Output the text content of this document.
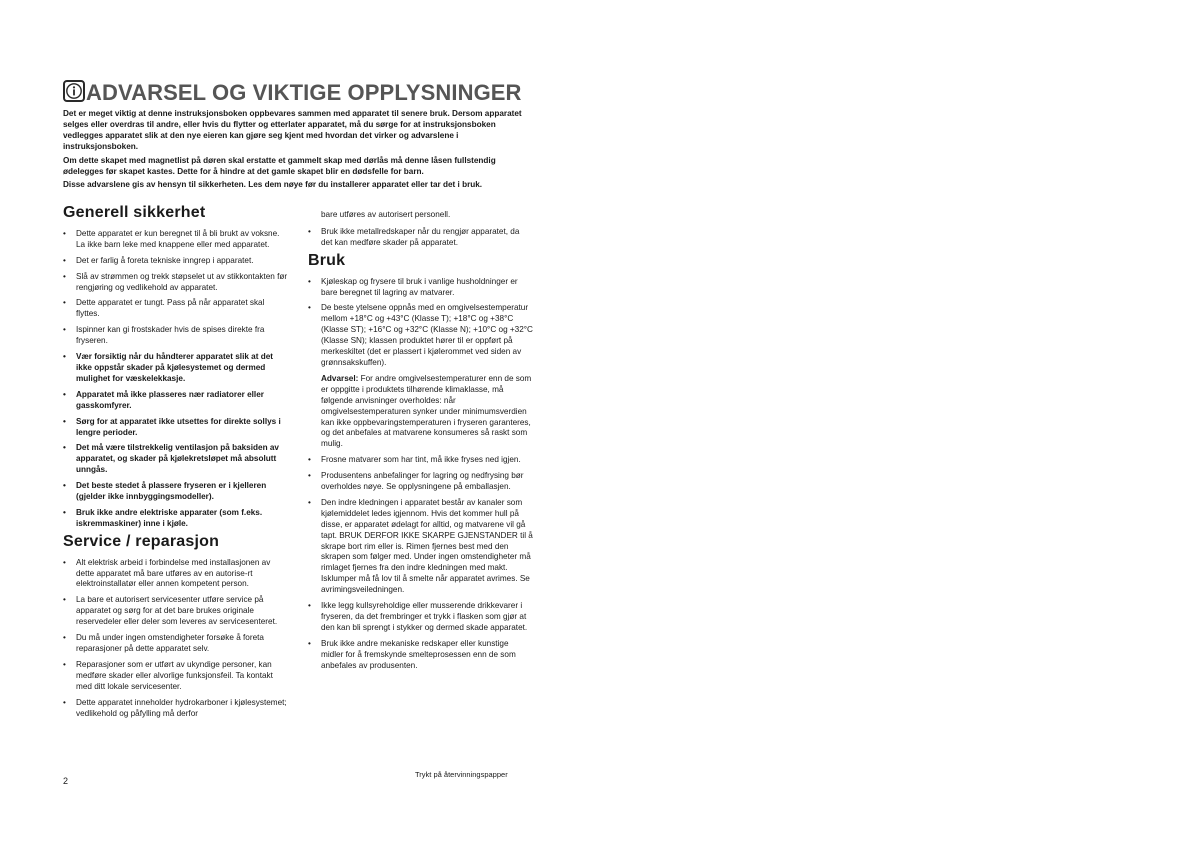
ADVARSEL OG VIKTIGE OPPLYSNINGER

Det er meget viktig at denne instruksjonsboken oppbevares sammen med apparatet til senere bruk. Dersom apparatet selges eller overdras til andre, eller hvis du flytter og etterlater apparatet, må du sørge for at instruksjonsboken vedlegges apparatet slik at den nye eieren kan gjøre seg kjent med hvordan det virker og advarslene i instruksjonsboken.

Om dette skapet med magnetlist på døren skal erstatte et gammelt skap med dørlås må denne låsen fullstendig ødelegges før skapet kastes. Dette for å hindre at det gamle skapet blir en dødsfelle for barn.

Disse advarslene gis av hensyn til sikkerheten. Les dem nøye før du installerer apparatet eller tar det i bruk.

Generell sikkerhet
• Dette apparatet er kun beregnet til å bli brukt av voksne. La ikke barn leke med knappene eller med apparatet.
• Det er farlig å foreta tekniske inngrep i apparatet.
• Slå av strømmen og trekk støpselet ut av stikkontakten før rengjøring og vedlikehold av apparatet.
• Dette apparatet er tungt. Pass på når apparatet skal flyttes.
• Ispinner kan gi frostskader hvis de spises direkte fra fryseren.
• Vær forsiktig når du håndterer apparatet slik at det ikke oppstår skader på kjølesystemet og dermed mulighet for væskelekkasje.
• Apparatet må ikke plasseres nær radiatorer eller gasskomfyrer.
• Sørg for at apparatet ikke utsettes for direkte sollys i lengre perioder.
• Det må være tilstrekkelig ventilasjon på baksiden av apparatet, og skader på kjølekretsløpet må absolutt unngås.
• Det beste stedet å plassere fryseren er i kjelleren (gjelder ikke innbyggingsmodeller).
• Bruk ikke andre elektriske apparater (som f.eks. iskremmaskiner) inne i kjøle.
Service / reparasjon
• Alt elektrisk arbeid i forbindelse med installasjonen av dette apparatet må bare utføres av en autorise-rt elektroinstallatør eller annen kompetent person.
• La bare et autorisert servicesenter utføre service på apparatet og sørg for at det bare brukes originale reservedeler eller deler som leveres av servicesenteret.
• Du må under ingen omstendigheter forsøke å foreta reparasjoner på dette apparatet selv.
• Reparasjoner som er utført av ukyndige personer, kan medføre skader eller alvorlige funksjonsfeil. Ta kontakt med ditt lokale servicesenter.
• Dette apparatet inneholder hydrokarboner i kjølesystemet; vedlikehold og påfylling må derfor
bare utføres av autorisert personell.
• Bruk ikke metallredskaper når du rengjør apparatet, da det kan medføre skader på apparatet.
Bruk
• Kjøleskap og frysere til bruk i vanlige husholdninger er bare beregnet til lagring av matvarer.
• De beste ytelsene oppnås med en omgivelsestemperatur mellom +18°C og +43°C (Klasse T); +18°C og +38°C (Klasse ST); +16°C og +32°C (Klasse N); +10°C og +32°C (Klasse SN); klassen produktet hører til er oppført på merkeskiltet (det er plassert i kjølerommet ved siden av grønnsakskuffen).
Advarsel: For andre omgivelsestemperaturer enn de som er oppgitte i produktets tilhørende klimaklasse, må følgende anvisninger overholdes: når omgivelsestemperaturen synker under minimumsverdien kan ikke oppbevaringstemperaturen i fryseren garanteres, og det anbefales at matvarene konsumeres så raskt som mulig.
• Frosne matvarer som har tint, må ikke fryses ned igjen.
• Produsentens anbefalinger for lagring og nedfrysing bør overholdes nøye. Se opplysningene på emballasjen.
• Den indre kledningen i apparatet består av kanaler som kjølemiddelet ledes igjennom. Hvis det kommer hull på disse, er apparatet ødelagt for alltid, og matvarene vil gå tapt. BRUK DERFOR IKKE SKARPE GJENSTANDER til å skrape bort rim eller is. Rimen fjernes best med den skrapen som følger med. Under ingen omstendigheter må rimlaget fjernes fra den indre kledningen med makt. Isklumper må få lov til å smelte når apparatet avrimes. Se avrimingsveiledningen.
• Ikke legg kullsyreholdige eller musserende drikkevarer i fryseren, da det frembringer et trykk i flasken som gjør at den kan bli sprengt i stykker og dermed skade apparatet.
• Bruk ikke andre mekaniske redskaper eller kunstige midler for å fremskynde smelteprosessen enn de som anbefales av produsenten.
2
Trykt på återvinningspapper
